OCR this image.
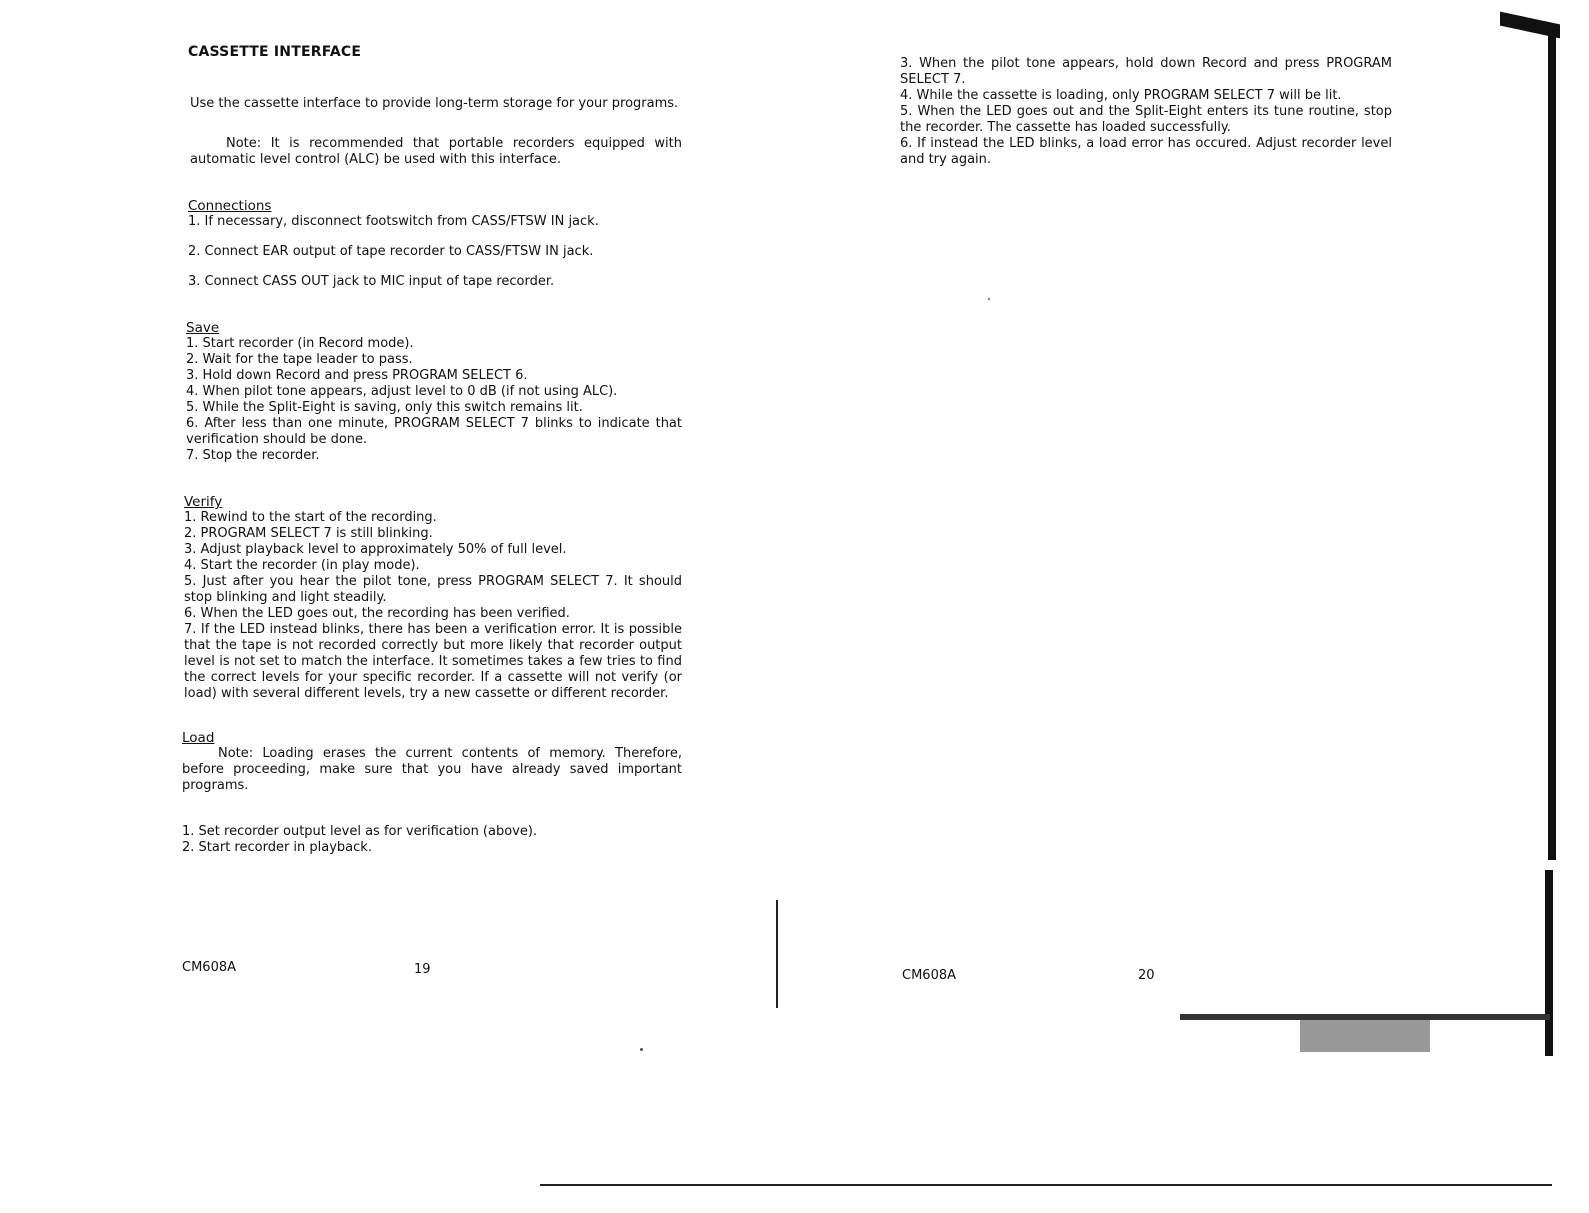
CASSETTE INTERFACE

Use the cassette interface to provide long-term storage for your programs.

Note: It is recommended that portable recorders equipped with automatic level control (ALC) be used with this interface.

Connections

1. If necessary, disconnect footswitch from CASS/FTSW IN jack.

2. Connect EAR output of tape recorder to CASS/FTSW IN jack.

3. Connect CASS OUT jack to MIC input of tape recorder.

Save

1. Start recorder (in Record mode).

2. Wait for the tape leader to pass.

3. Hold down Record and press PROGRAM SELECT 6.

4. When pilot tone appears, adjust level to 0 dB (if not using ALC).

5. While the Split-Eight is saving, only this switch remains lit.

6. After less than one minute, PROGRAM SELECT 7 blinks to indicate that verification should be done.

7. Stop the recorder.

Verify

1. Rewind to the start of the recording.

2. PROGRAM SELECT 7 is still blinking.

3. Adjust playback level to approximately 50% of full level.

4. Start the recorder (in play mode).

5. Just after you hear the pilot tone, press PROGRAM SELECT 7. It should stop blinking and light steadily.

6. When the LED goes out, the recording has been verified.

7. If the LED instead blinks, there has been a verification error. It is possible that the tape is not recorded correctly but more likely that recorder output level is not set to match the interface. It sometimes takes a few tries to find the correct levels for your specific recorder. If a cassette will not verify (or load) with several different levels, try a new cassette or different recorder.

Load

Note: Loading erases the current contents of memory. Therefore, before proceeding, make sure that you have already saved important programs.

1. Set recorder output level as for verification (above).

2. Start recorder in playback.

CM608A	19

3. When the pilot tone appears, hold down Record and press PROGRAM SELECT 7.

4. While the cassette is loading, only PROGRAM SELECT 7 will be lit.

5. When the LED goes out and the Split-Eight enters its tune routine, stop the recorder. The cassette has loaded successfully.

6. If instead the LED blinks, a load error has occured. Adjust recorder level and try again.

CM608A	20
